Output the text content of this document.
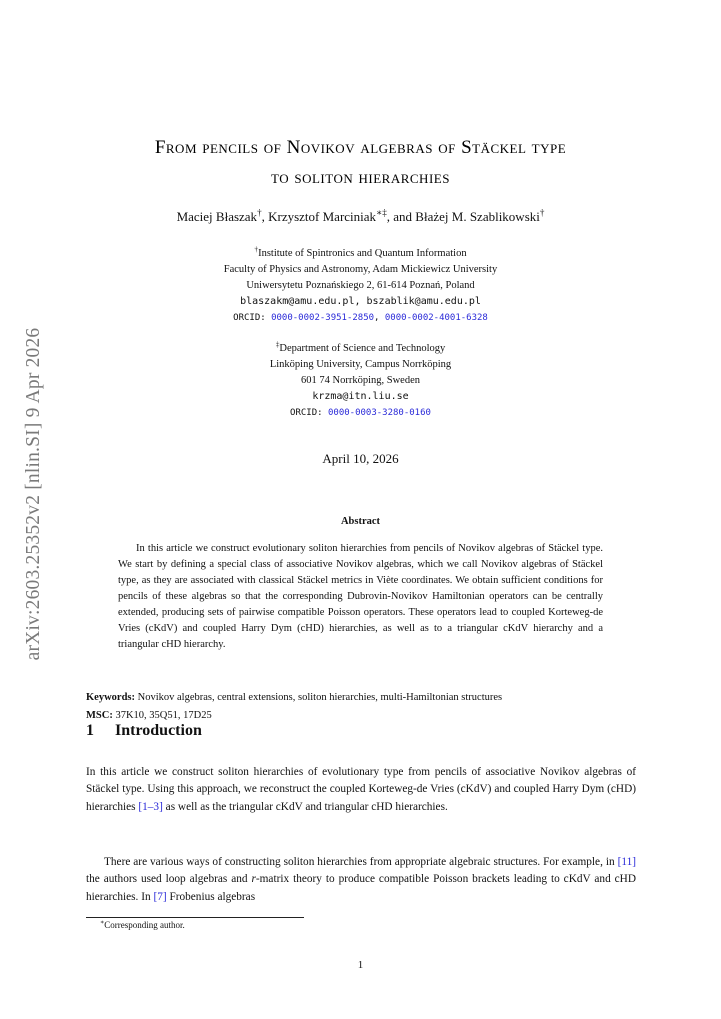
arXiv:2603.25352v2 [nlin.SI] 9 Apr 2026
From pencils of Novikov algebras of Stäckel type
to soliton hierarchies
Maciej Błaszak†, Krzysztof Marciniak∗‡, and Błażej M. Szablikowski†
†Institute of Spintronics and Quantum Information
Faculty of Physics and Astronomy, Adam Mickiewicz University
Uniwersytetu Poznańskiego 2, 61-614 Poznań, Poland
blaszakm@amu.edu.pl, bszablik@amu.edu.pl
ORCID: 0000-0002-3951-2850, 0000-0002-4001-6328
‡Department of Science and Technology
Linköping University, Campus Norrköping
601 74 Norrköping, Sweden
krzma@itn.liu.se
ORCID: 0000-0003-3280-0160
April 10, 2026
Abstract
In this article we construct evolutionary soliton hierarchies from pencils of Novikov algebras of Stäckel type. We start by defining a special class of associative Novikov algebras, which we call Novikov algebras of Stäckel type, as they are associated with classical Stäckel metrics in Viète coordinates. We obtain sufficient conditions for pencils of these algebras so that the corresponding Dubrovin-Novikov Hamiltonian operators can be centrally extended, producing sets of pairwise compatible Poisson operators. These operators lead to coupled Korteweg-de Vries (cKdV) and coupled Harry Dym (cHD) hierarchies, as well as to a triangular cKdV hierarchy and a triangular cHD hierarchy.
Keywords: Novikov algebras, central extensions, soliton hierarchies, multi-Hamiltonian structures
MSC: 37K10, 35Q51, 17D25
1 Introduction
In this article we construct soliton hierarchies of evolutionary type from pencils of associative Novikov algebras of Stäckel type. Using this approach, we reconstruct the coupled Korteweg-de Vries (cKdV) and coupled Harry Dym (cHD) hierarchies [1–3] as well as the triangular cKdV and triangular cHD hierarchies.
There are various ways of constructing soliton hierarchies from appropriate algebraic structures. For example, in [11] the authors used loop algebras and r-matrix theory to produce compatible Poisson brackets leading to cKdV and cHD hierarchies. In [7] Frobenius algebras
∗Corresponding author.
1
